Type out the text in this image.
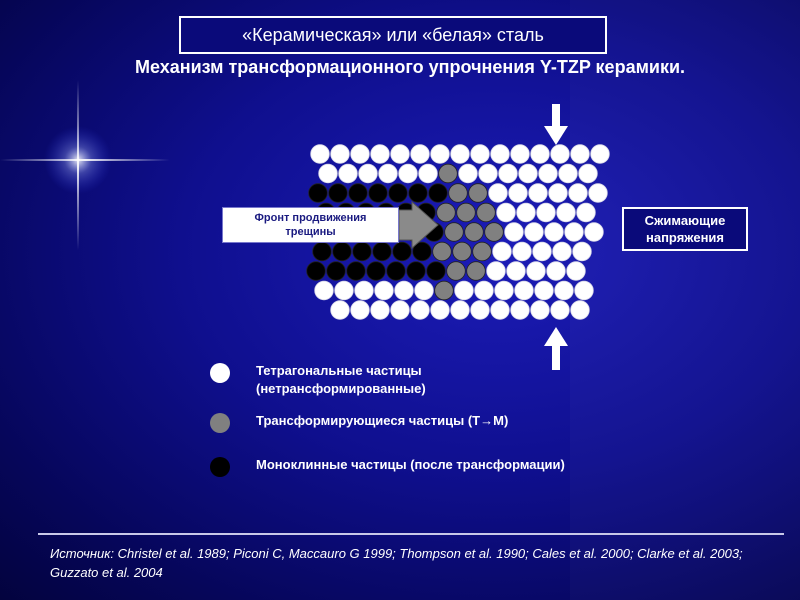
«Керамическая» или «белая» сталь
Механизм трансформационного упрочнения Y-TZP керамики.
Фронт продвижения трещины
Сжимающие напряжения
Тетрагональные частицы (нетрансформированные)
Трансформирующиеся частицы (T→M)
Моноклинные частицы (после трансформации)
Источник: Christel et al. 1989; Piconi C, Maccauro G 1999; Thompson et al. 1990; Cales et al. 2000; Clarke et al. 2003; Guzzato et al. 2004
